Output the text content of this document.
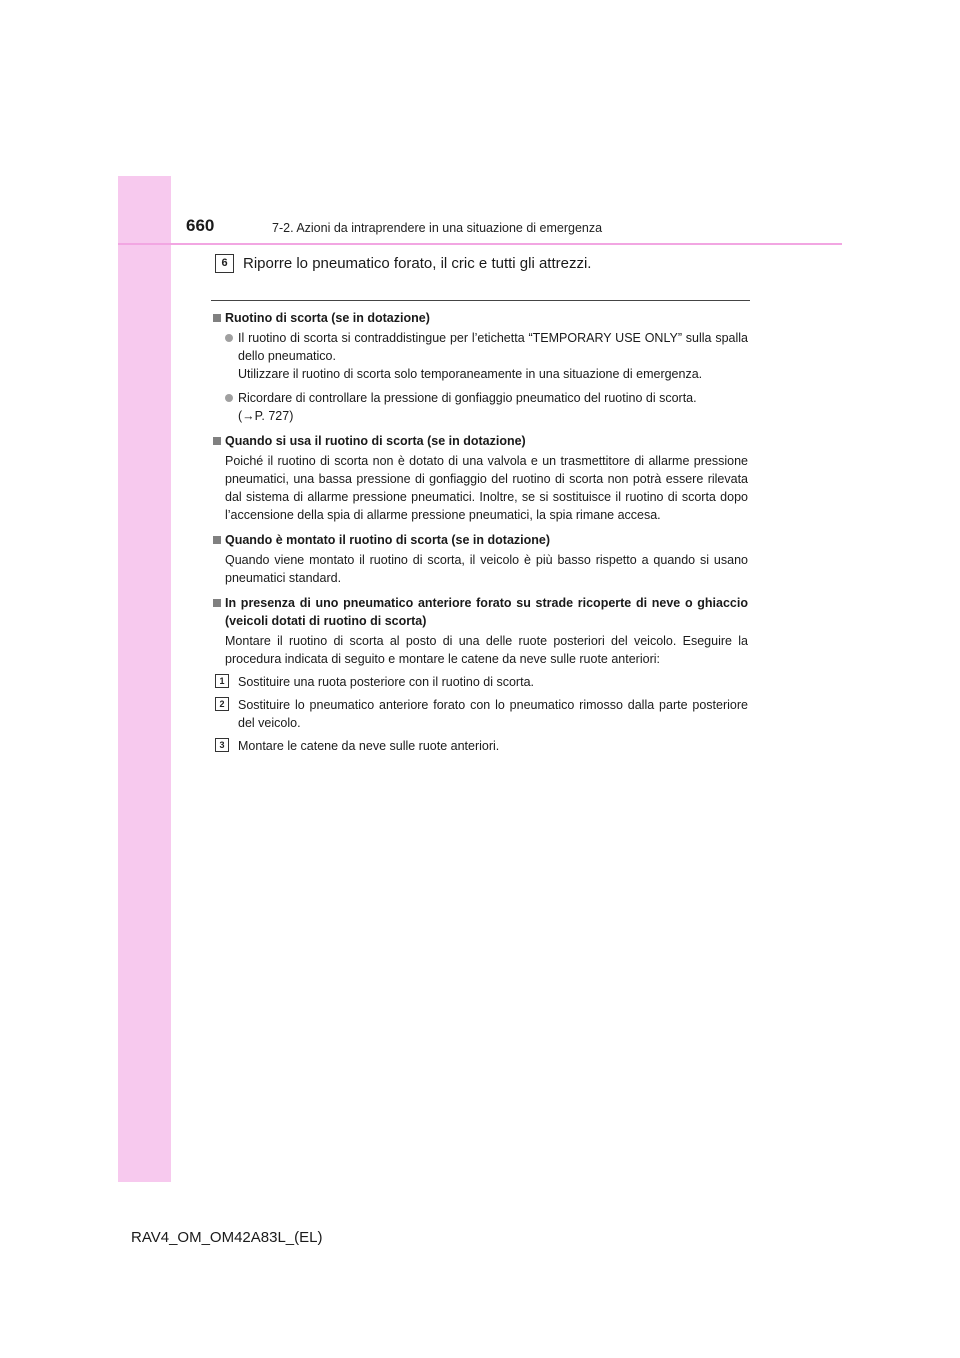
660	7-2. Azioni da intraprendere in una situazione di emergenza
6	Riporre lo pneumatico forato, il cric e tutti gli attrezzi.
Ruotino di scorta (se in dotazione)
Il ruotino di scorta si contraddistingue per l’etichetta “TEMPORARY USE ONLY” sulla spalla dello pneumatico.
Utilizzare il ruotino di scorta solo temporaneamente in una situazione di emergenza.
Ricordare di controllare la pressione di gonfiaggio pneumatico del ruotino di scorta.
(→P. 727)
Quando si usa il ruotino di scorta (se in dotazione)
Poiché il ruotino di scorta non è dotato di una valvola e un trasmettitore di allarme pressione pneumatici, una bassa pressione di gonfiaggio del ruotino di scorta non potrà essere rilevata dal sistema di allarme pressione pneumatici. Inoltre, se si sostituisce il ruotino di scorta dopo l’accensione della spia di allarme pressione pneumatici, la spia rimane accesa.
Quando è montato il ruotino di scorta (se in dotazione)
Quando viene montato il ruotino di scorta, il veicolo è più basso rispetto a quando si usano pneumatici standard.
In presenza di uno pneumatico anteriore forato su strade ricoperte di neve o ghiaccio (veicoli dotati di ruotino di scorta)
Montare il ruotino di scorta al posto di una delle ruote posteriori del veicolo. Eseguire la procedura indicata di seguito e montare le catene da neve sulle ruote anteriori:
1	Sostituire una ruota posteriore con il ruotino di scorta.
2	Sostituire lo pneumatico anteriore forato con lo pneumatico rimosso dalla parte posteriore del veicolo.
3	Montare le catene da neve sulle ruote anteriori.
RAV4_OM_OM42A83L_(EL)
